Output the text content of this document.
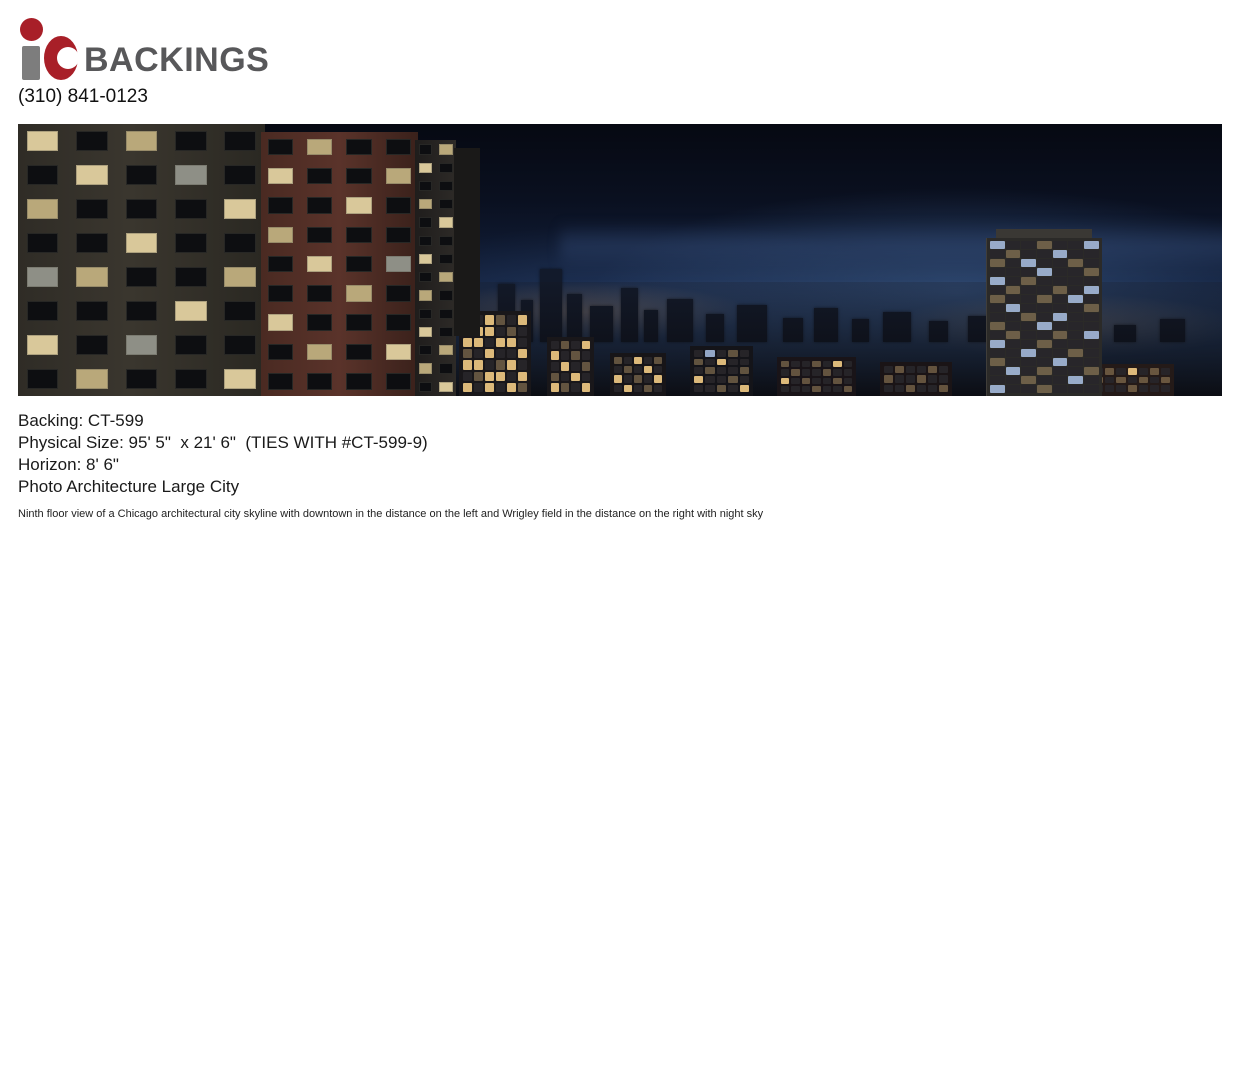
BACKINGS
(310) 841-0123
Backing: CT-599
Physical Size: 95' 5"  x 21' 6"  (TIES WITH #CT-599-9)
Horizon: 8' 6"
Photo Architecture Large City
Ninth floor view of a Chicago architectural city skyline with downtown in the distance on the left and Wrigley field in the distance on the right with night sky
